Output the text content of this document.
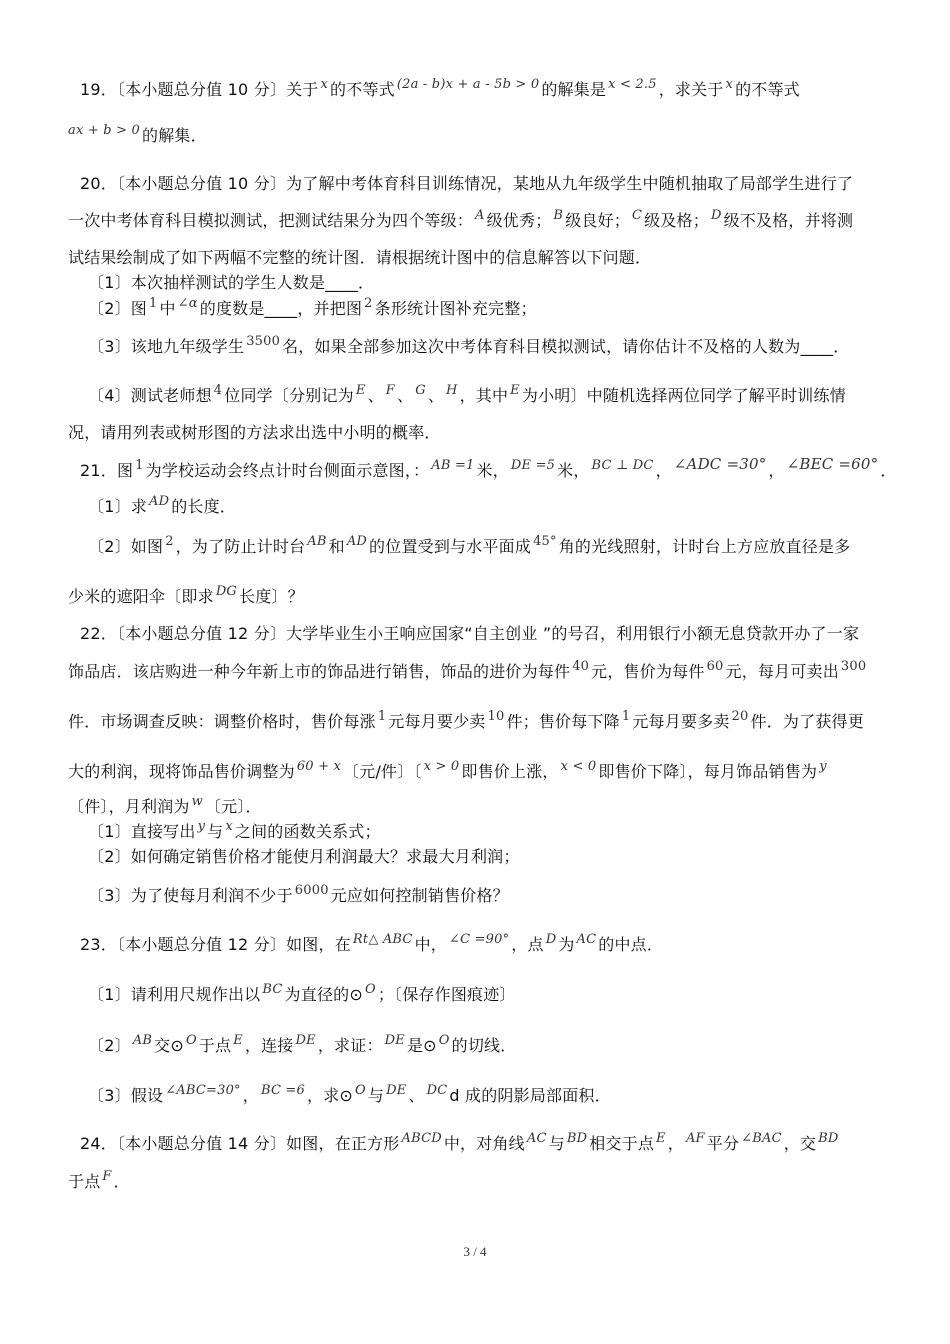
19．〔本小题总分值 10 分〕关于 $^x$ 的不等式 $^{(2a - b)x + a - 5b > 0}$ 的解集是 $^{x < 2.5}$ ，求关于 $^x$ 的不等式
$^{ax + b > 0}$ 的解集．
20．〔本小题总分值 10 分〕为了解中考体育科目训练情况，某地从九年级学生中随机抽取了局部学生进行了
一次中考体育科目模拟测试，把测试结果分为四个等级： $^A$ 级优秀； $^B$ 级良好； $^C$ 级及格； $^D$ 级不及格，并将测
试结果绘制成了如下两幅不完整的统计图．请根据统计图中的信息解答以下问题．
〔1〕本次抽样测试的学生人数是____．
〔2〕图 $^1$ 中 $^{\angle\alpha}$ 的度数是____，并把图 $^2$ 条形统计图补充完整；
〔3〕该地九年级学生 $^{3500}$ 名，如果全部参加这次中考体育科目模拟测试，请你估计不及格的人数为____．
〔4〕测试老师想 $^4$ 位同学〔分别记为 $^E$ 、 $^F$ 、 $^G$ 、 $^H$ ，其中 $^E$ 为小明〕中随机选择两位同学了解平时训练情
况，请用列表或树形图的方法求出选中小明的概率．
21．图 $^1$ 为学校运动会终点计时台侧面示意图，： $^{AB =1}$ 米， $^{DE =5}$ 米， $^{BC \perp DC}$ ， ∠ADC =30° ， ∠BEC =60° ．
〔1〕求 $^{AD}$ 的长度．
〔2〕如图 $^2$ ，为了防止计时台 $^{AB}$ 和 $^{AD}$ 的位置受到与水平面成 $^{45^\circ}$ 角的光线照射，计时台上方应放直径是多
少米的遮阳伞〔即求 $^{DG}$ 长度〕？
22．〔本小题总分值 12 分〕大学毕业生小王响应国家“自主创业 ”的号召，利用银行小额无息贷款开办了一家
饰品店．该店购进一种今年新上市的饰品进行销售，饰品的进价为每件 $^{40}$ 元，售价为每件 $^{60}$ 元，每月可卖出 $^{300}$
件．市场调查反映：调整价格时，售价每涨 $^1$ 元每月要少卖 $^{10}$ 件；售价每下降 $^1$ 元每月要多卖 $^{20}$ 件．为了获得更
大的利润，现将饰品售价调整为 $^{60 + x}$ 〔元/件〕〔 $^{x > 0}$ 即售价上涨， $^{x < 0}$ 即售价下降〕，每月饰品销售为 $^y$
〔件〕，月利润为 $^w$ 〔元〕．
〔1〕直接写出 $^y$ 与 $^x$ 之间的函数关系式；
〔2〕如何确定销售价格才能使月利润最大？求最大月利润；
〔3〕为了使每月利润不少于 $^{6000}$ 元应如何控制销售价格？
23．〔本小题总分值 12 分〕如图，在 $^{Rt\triangle ABC}$ 中， $^{\angle C =90^\circ}$ ，点 $^D$ 为 $^{AC}$ 的中点．
〔1〕请利用尺规作出以 $^{BC}$ 为直径的⊙ $^O$ ；〔保存作图痕迹〕
〔2〕 $^{AB}$ 交⊙ $^O$ 于点 $^E$ ，连接 $^{DE}$ ，求证： $^{DE}$ 是⊙ $^O$ 的切线．
〔3〕假设 $^{\angle ABC=30^\circ}$ ， $^{BC =6}$ ，求⊙ $^O$ 与 $^{DE}$ 、 $^{DC}$ d 成的阴影局部面积．
24．〔本小题总分值 14 分〕如图，在正方形 $^{ABCD}$ 中，对角线 $^{AC}$ 与 $^{BD}$ 相交于点 $^E$ ， $^{AF}$ 平分 $^{\angle BAC}$ ，交 $^{BD}$
于点 $^F$ ．
3 / 4
